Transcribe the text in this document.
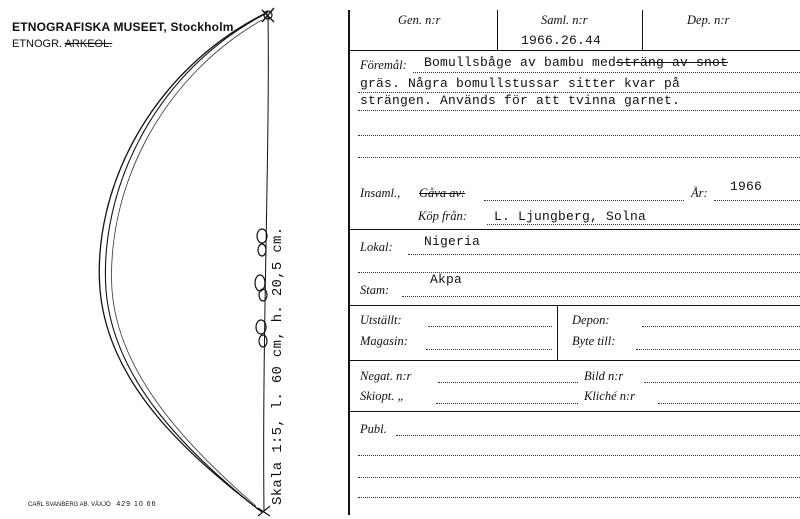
ETNOGRAFISKA MUSEET, Stockholm
ETNOGR. ARKEOL.
Skala 1:5, l. 60 cm, h. 20,5 cm.
CARL SVANBERG AB. VÄXJÖ 429 10 66
Gen. n:r	Saml. n:r	Dep. n:r
1966.26.44
Föremål: Bomullsbåge av bambu medsträng av snot
gräs. Några bomullstussar sitter kvar på
strängen. Används för att tvinna garnet.
Insaml., Gåva av:	År: 1966
Köp från: L. Ljungberg, Solna
Lokal: Nigeria
Stam:
Akpa
Utställt:	Depon:
Magasin:	Byte till:
Negat. n:r	Bild n:r
Skiopt. „	Kliché n:r
Publ.
